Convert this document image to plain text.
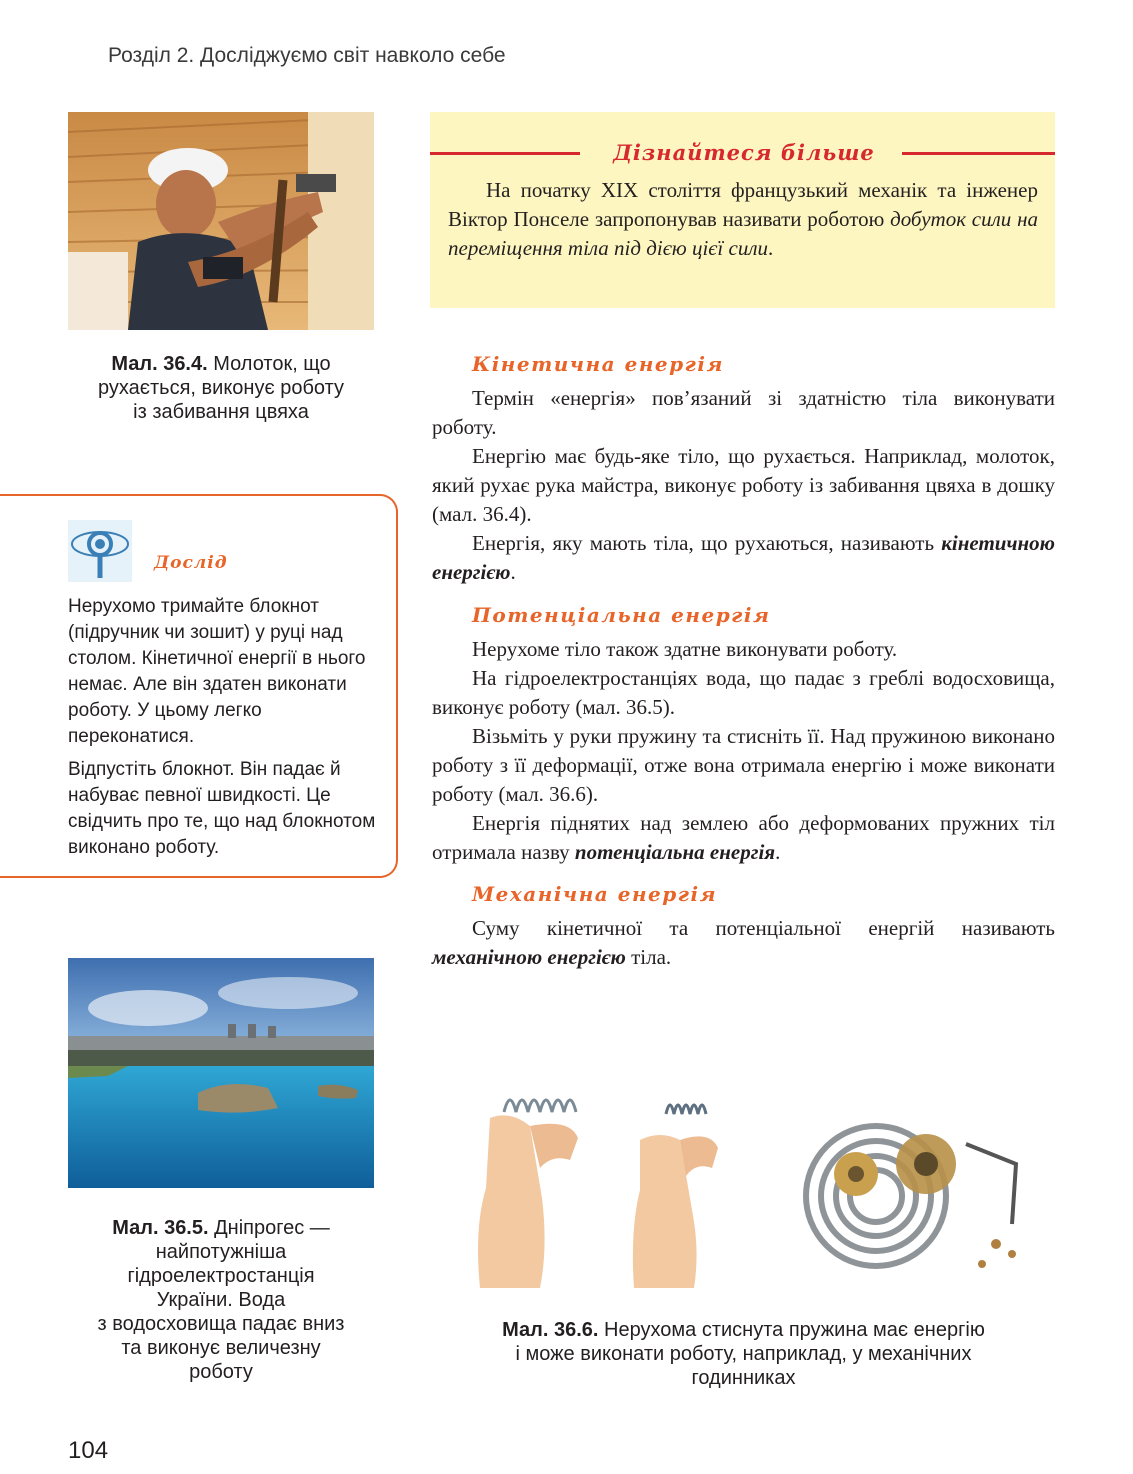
Розділ 2. Досліджуємо світ навколо себе
Мал. 36.4. Молоток, що
рухається, виконує роботу
із забивання цвяха
Дізнайтеся більше

На початку XIX століття французький механік та інженер Віктор Понселе запропонував називати роботою добуток сили на переміщення тіла під дією цієї сили.

Кінетична енергія

Термін «енергія» пов’язаний зі здатністю тіла виконувати роботу.

Енергію має будь-яке тіло, що рухається. Наприклад, молоток, який рухає рука майстра, виконує роботу із забивання цвяха в дошку (мал. 36.4).

Енергія, яку мають тіла, що рухаються, називають кінетичною енергією.

Потенціальна енергія

Нерухоме тіло також здатне виконувати роботу.

На гідроелектростанціях вода, що падає з греблі водосховища, виконує роботу (мал. 36.5).

Візьміть у руки пружину та стисніть її. Над пружиною виконано роботу з її деформації, отже вона отримала енергію і може виконати роботу (мал. 36.6).

Енергія піднятих над землею або деформованих пружних тіл отримала назву потенціальна енергія.

Механічна енергія

Суму кінетичної та потенціальної енергій називають механічною енергією тіла.

Дослід

Нерухомо тримайте блокнот (підручник чи зошит) у руці над столом. Кінетичної енергії в нього немає. Але він здатен виконати роботу. У цьому легко переконатися.

Відпустіть блокнот. Він падає й набуває певної швидкості. Це свідчить про те, що над блокнотом виконано роботу.

Мал. 36.5. Дніпрогес —
найпотужніша
гідроелектростанція
України. Вода
з водосховища падає вниз
та виконує величезну
роботу
Мал. 36.6. Нерухома стиснута пружина має енергію
і може виконати роботу, наприклад, у механічних
годинниках
104
